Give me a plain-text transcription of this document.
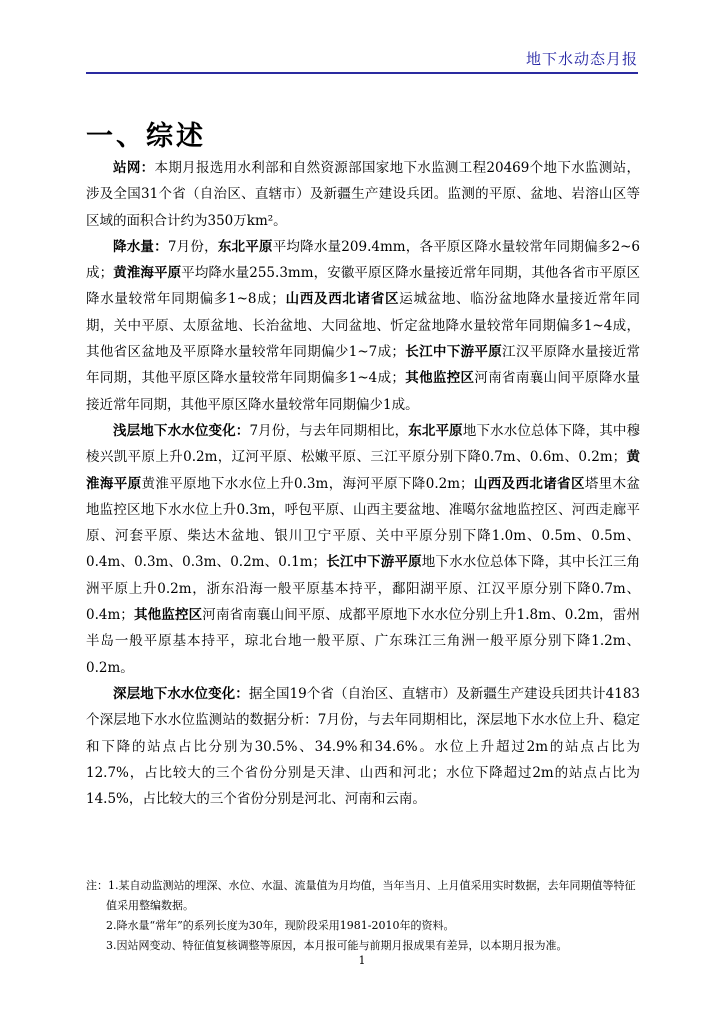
地下水动态月报
一、综述

站网：本期月报选用水利部和自然资源部国家地下水监测工程20469个地下水监测站，涉及全国31个省（自治区、直辖市）及新疆生产建设兵团。监测的平原、盆地、岩溶山区等区域的面积合计约为350万km²。

降水量：7月份，东北平原平均降水量209.4mm，各平原区降水量较常年同期偏多2~6成；黄淮海平原平均降水量255.3mm，安徽平原区降水量接近常年同期，其他各省市平原区降水量较常年同期偏多1~8成；山西及西北诸省区运城盆地、临汾盆地降水量接近常年同期，关中平原、太原盆地、长治盆地、大同盆地、忻定盆地降水量较常年同期偏多1~4成，其他省区盆地及平原降水量较常年同期偏少1~7成；长江中下游平原江汉平原降水量接近常年同期，其他平原区降水量较常年同期偏多1~4成；其他监控区河南省南襄山间平原降水量接近常年同期，其他平原区降水量较常年同期偏少1成。

浅层地下水水位变化：7月份，与去年同期相比，东北平原地下水水位总体下降，其中穆棱兴凯平原上升0.2m，辽河平原、松嫩平原、三江平原分别下降0.7m、0.6m、0.2m；黄淮海平原黄淮平原地下水水位上升0.3m，海河平原下降0.2m；山西及西北诸省区塔里木盆地监控区地下水水位上升0.3m，呼包平原、山西主要盆地、准噶尔盆地监控区、河西走廊平原、河套平原、柴达木盆地、银川卫宁平原、关中平原分别下降1.0m、0.5m、0.5m、0.4m、0.3m、0.3m、0.2m、0.1m；长江中下游平原地下水水位总体下降，其中长江三角洲平原上升0.2m，浙东沿海一般平原基本持平，鄱阳湖平原、江汉平原分别下降0.7m、0.4m；其他监控区河南省南襄山间平原、成都平原地下水水位分别上升1.8m、0.2m，雷州半岛一般平原基本持平，琼北台地一般平原、广东珠江三角洲一般平原分别下降1.2m、0.2m。

深层地下水水位变化：据全国19个省（自治区、直辖市）及新疆生产建设兵团共计4183个深层地下水水位监测站的数据分析：7月份，与去年同期相比，深层地下水水位上升、稳定和下降的站点占比分别为30.5%、34.9%和34.6%。水位上升超过2m的站点占比为12.7%，占比较大的三个省份分别是天津、山西和河北；水位下降超过2m的站点占比为14.5%，占比较大的三个省份分别是河北、河南和云南。

注：1.某自动监测站的埋深、水位、水温、流量值为月均值，当年当月、上月值采用实时数据，去年同期值等特征值采用整编数据。
2.降水量“常年”的系列长度为30年，现阶段采用1981-2010年的资料。
3.因站网变动、特征值复核调整等原因，本月报可能与前期月报成果有差异，以本期月报为准。
1
